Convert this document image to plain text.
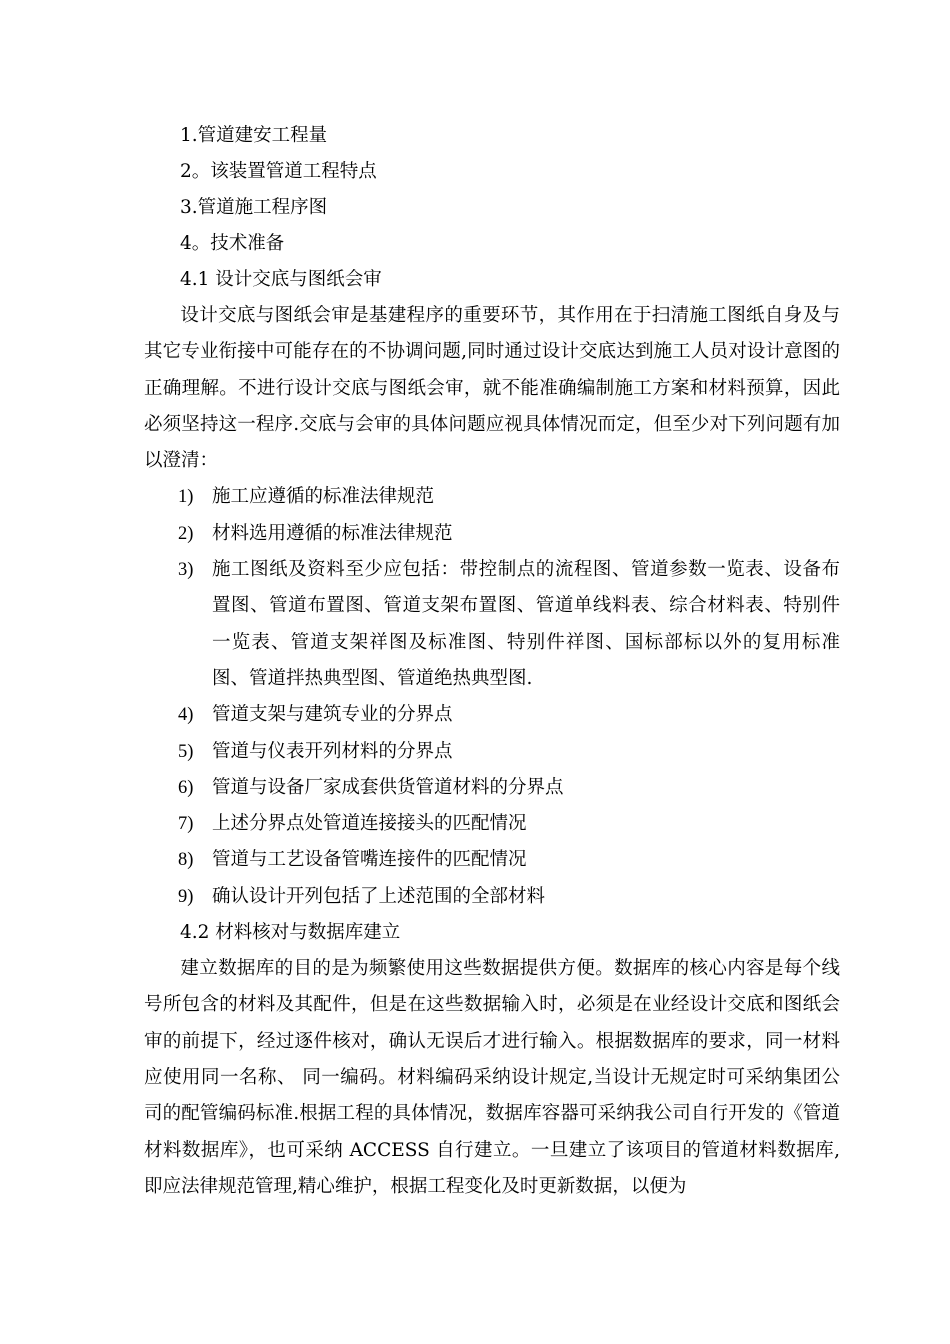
1.管道建安工程量
2。该装置管道工程特点
3.管道施工程序图
4。技术准备
4.1 设计交底与图纸会审

设计交底与图纸会审是基建程序的重要环节，其作用在于扫清施工图纸自身及与其它专业衔接中可能存在的不协调问题,同时通过设计交底达到施工人员对设计意图的正确理解。不进行设计交底与图纸会审，就不能准确编制施工方案和材料预算，因此必须坚持这一程序.交底与会审的具体问题应视具体情况而定，但至少对下列问题有加以澄清：

1)	施工应遵循的标准法律规范
2)	材料选用遵循的标准法律规范
3)	施工图纸及资料至少应包括：带控制点的流程图、管道参数一览表、设备布置图、管道布置图、管道支架布置图、管道单线料表、综合材料表、特别件一览表、管道支架祥图及标准图、特别件祥图、国标部标以外的复用标准图、管道拌热典型图、管道绝热典型图.
4)	管道支架与建筑专业的分界点
5)	管道与仪表开列材料的分界点
6)	管道与设备厂家成套供货管道材料的分界点
7)	上述分界点处管道连接接头的匹配情况
8)	管道与工艺设备管嘴连接件的匹配情况
9)	确认设计开列包括了上述范围的全部材料
4.2 材料核对与数据库建立

建立数据库的目的是为频繁使用这些数据提供方便。数据库的核心内容是每个线号所包含的材料及其配件，但是在这些数据输入时，必须是在业经设计交底和图纸会审的前提下，经过逐件核对，确认无误后才进行输入。根据数据库的要求，同一材料应使用同一名称、 同一编码。材料编码采纳设计规定,当设计无规定时可采纳集团公司的配管编码标准.根据工程的具体情况，数据库容器可采纳我公司自行开发的《管道材料数据库》，也可采纳 ACCESS 自行建立。一旦建立了该项目的管道材料数据库,即应法律规范管理,精心维护，根据工程变化及时更新数据，以便为
